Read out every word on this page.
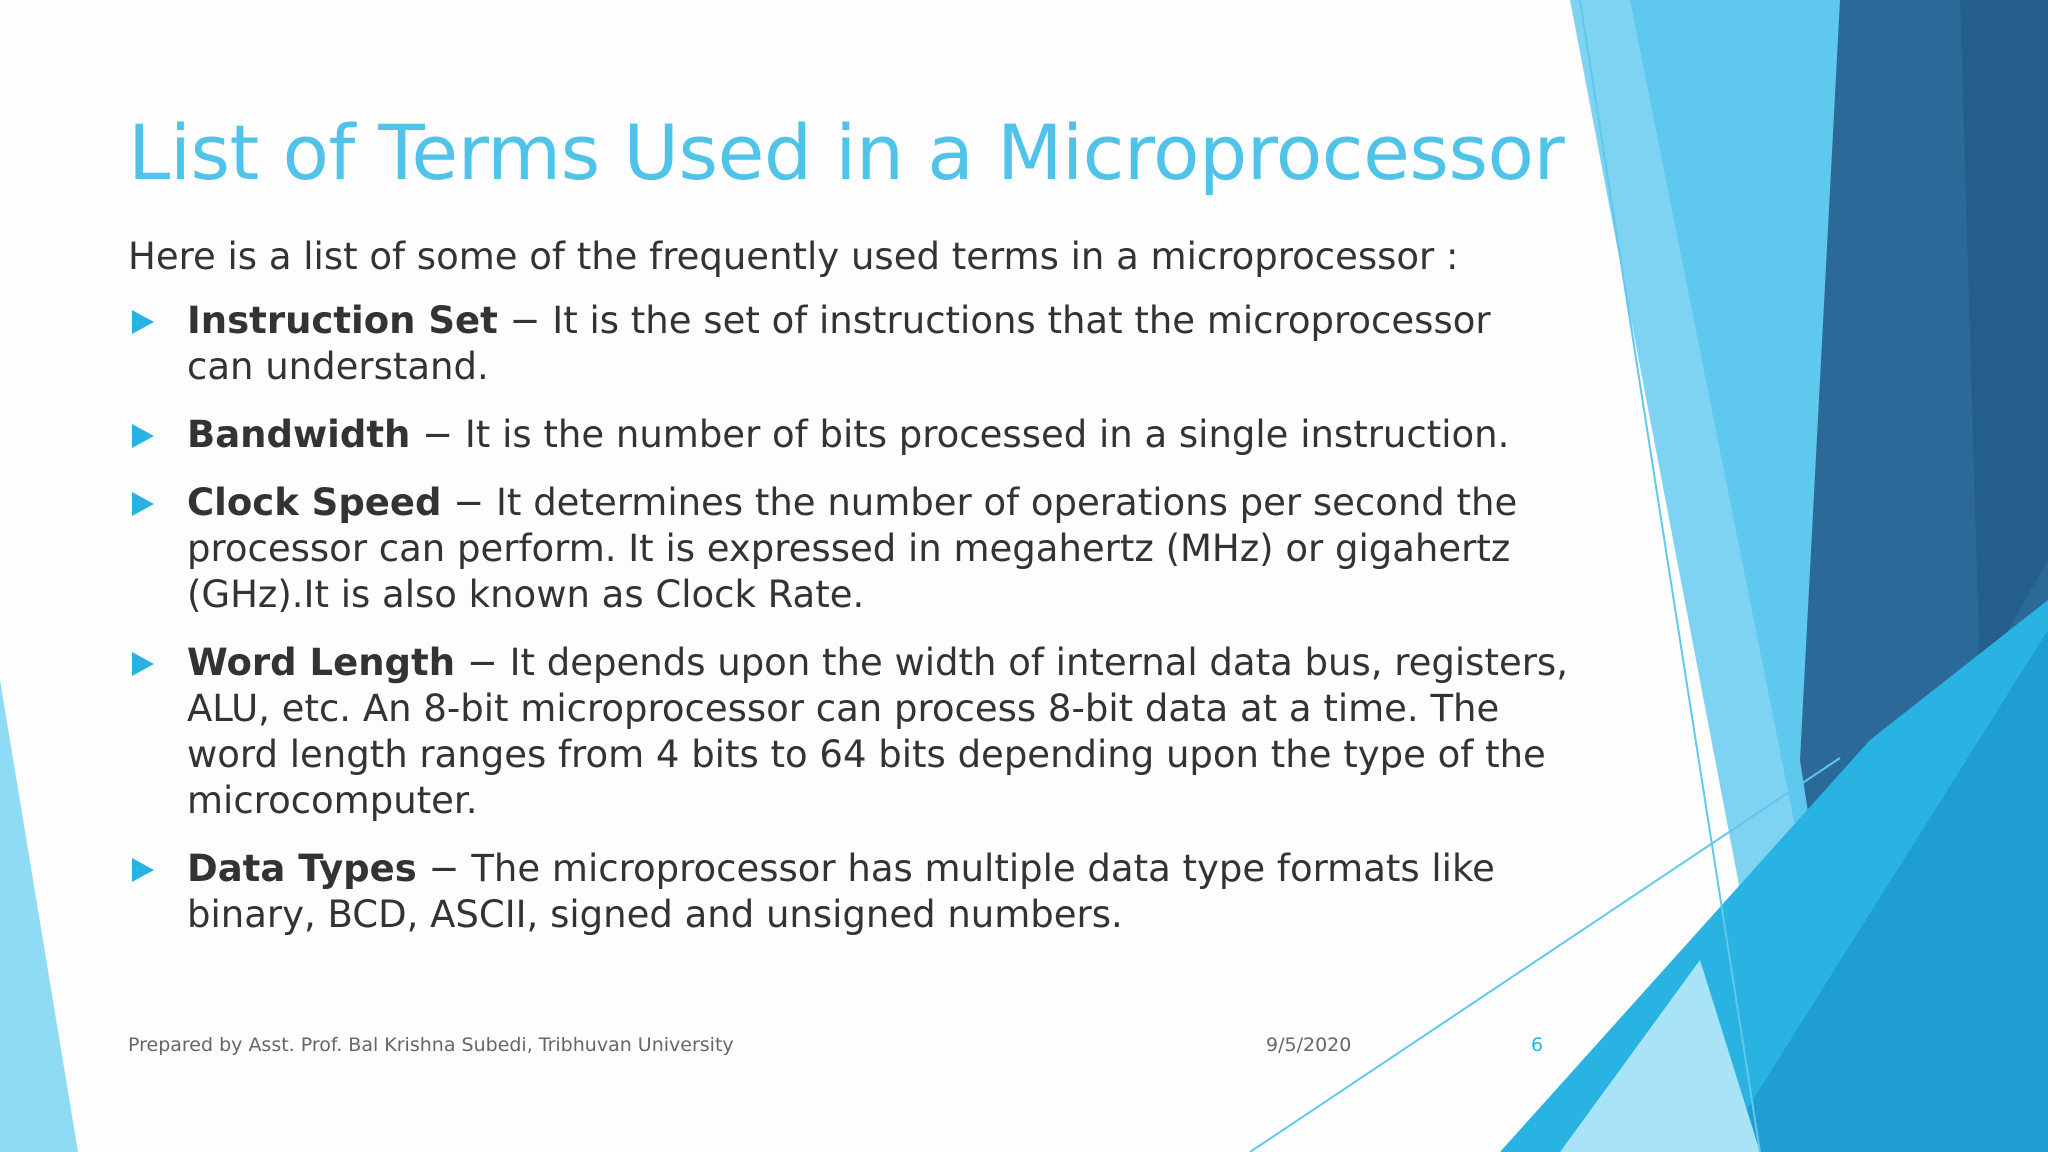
List of Terms Used in a Microprocessor
Here is a list of some of the frequently used terms in a microprocessor :
Instruction Set − It is the set of instructions that the microprocessor can understand.
Bandwidth − It is the number of bits processed in a single instruction.
Clock Speed − It determines the number of operations per second the processor can perform. It is expressed in megahertz (MHz) or gigahertz (GHz).It is also known as Clock Rate.
Word Length − It depends upon the width of internal data bus, registers, ALU, etc. An 8-bit microprocessor can process 8-bit data at a time. The word length ranges from 4 bits to 64 bits depending upon the type of the microcomputer.
Data Types − The microprocessor has multiple data type formats like binary, BCD, ASCII, signed and unsigned numbers.
Prepared by Asst. Prof. Bal Krishna Subedi, Tribhuvan University	9/5/2020	6
